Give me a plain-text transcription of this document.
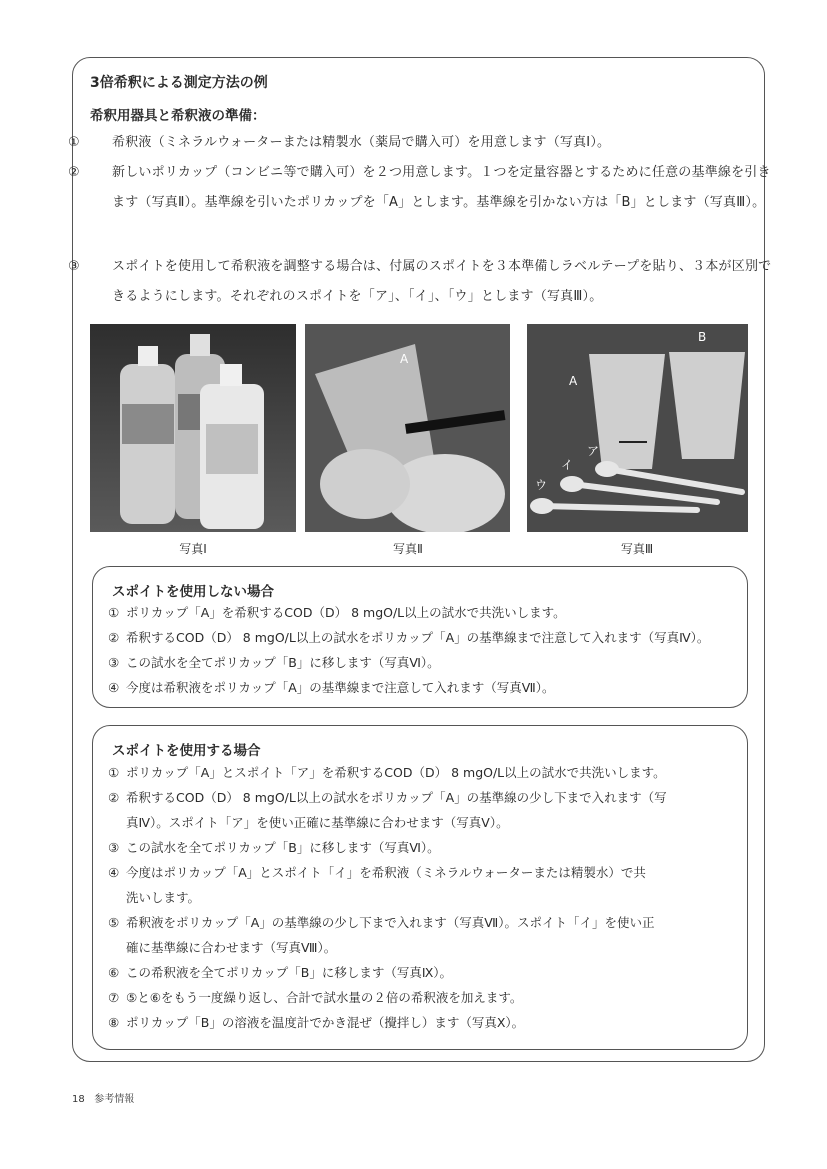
3倍希釈による測定方法の例
希釈用器具と希釈液の準備：
① 希釈液（ミネラルウォーターまたは精製水（薬局で購入可）を用意します（写真Ⅰ）。
② 新しいポリカップ（コンビニ等で購入可）を２つ用意します。１つを定量容器とするために任意の基準線を引きます（写真Ⅱ）。基準線を引いたポリカップを「A」とします。基準線を引かない方は「B」とします（写真Ⅲ）。
③ スポイトを使用して希釈液を調整する場合は、付属のスポイトを３本準備しラベルテープを貼り、３本が区別できるようにします。それぞれのスポイトを「ア」、「イ」、「ウ」とします（写真Ⅲ）。
A
A
B
ア
イ
ウ
写真Ⅰ	写真Ⅱ	写真Ⅲ
スポイトを使用しない場合
① ポリカップ「A」を希釈するCOD（D） 8 mgO/L以上の試水で共洗いします。
② 希釈するCOD（D） 8 mgO/L以上の試水をポリカップ「A」の基準線まで注意して入れます（写真Ⅳ）。
③ この試水を全てポリカップ「B」に移します（写真Ⅵ）。
④ 今度は希釈液をポリカップ「A」の基準線まで注意して入れます（写真Ⅶ）。
スポイトを使用する場合
① ポリカップ「A」とスポイト「ア」を希釈するCOD（D） 8 mgO/L以上の試水で共洗いします。
② 希釈するCOD（D） 8 mgO/L以上の試水をポリカップ「A」の基準線の少し下まで入れます（写
真Ⅳ）。スポイト「ア」を使い正確に基準線に合わせます（写真Ⅴ）。
③ この試水を全てポリカップ「B」に移します（写真Ⅵ）。
④ 今度はポリカップ「A」とスポイト「イ」を希釈液（ミネラルウォーターまたは精製水）で共
洗いします。
⑤ 希釈液をポリカップ「A」の基準線の少し下まで入れます（写真Ⅶ）。スポイト「イ」を使い正
確に基準線に合わせます（写真Ⅷ）。
⑥ この希釈液を全てポリカップ「B」に移します（写真Ⅸ）。
⑦ ⑤と⑥をもう一度繰り返し、合計で試水量の２倍の希釈液を加えます。
⑧ ポリカップ「B」の溶液を温度計でかき混ぜ（攪拌し）ます（写真Ⅹ）。
18 参考情報
